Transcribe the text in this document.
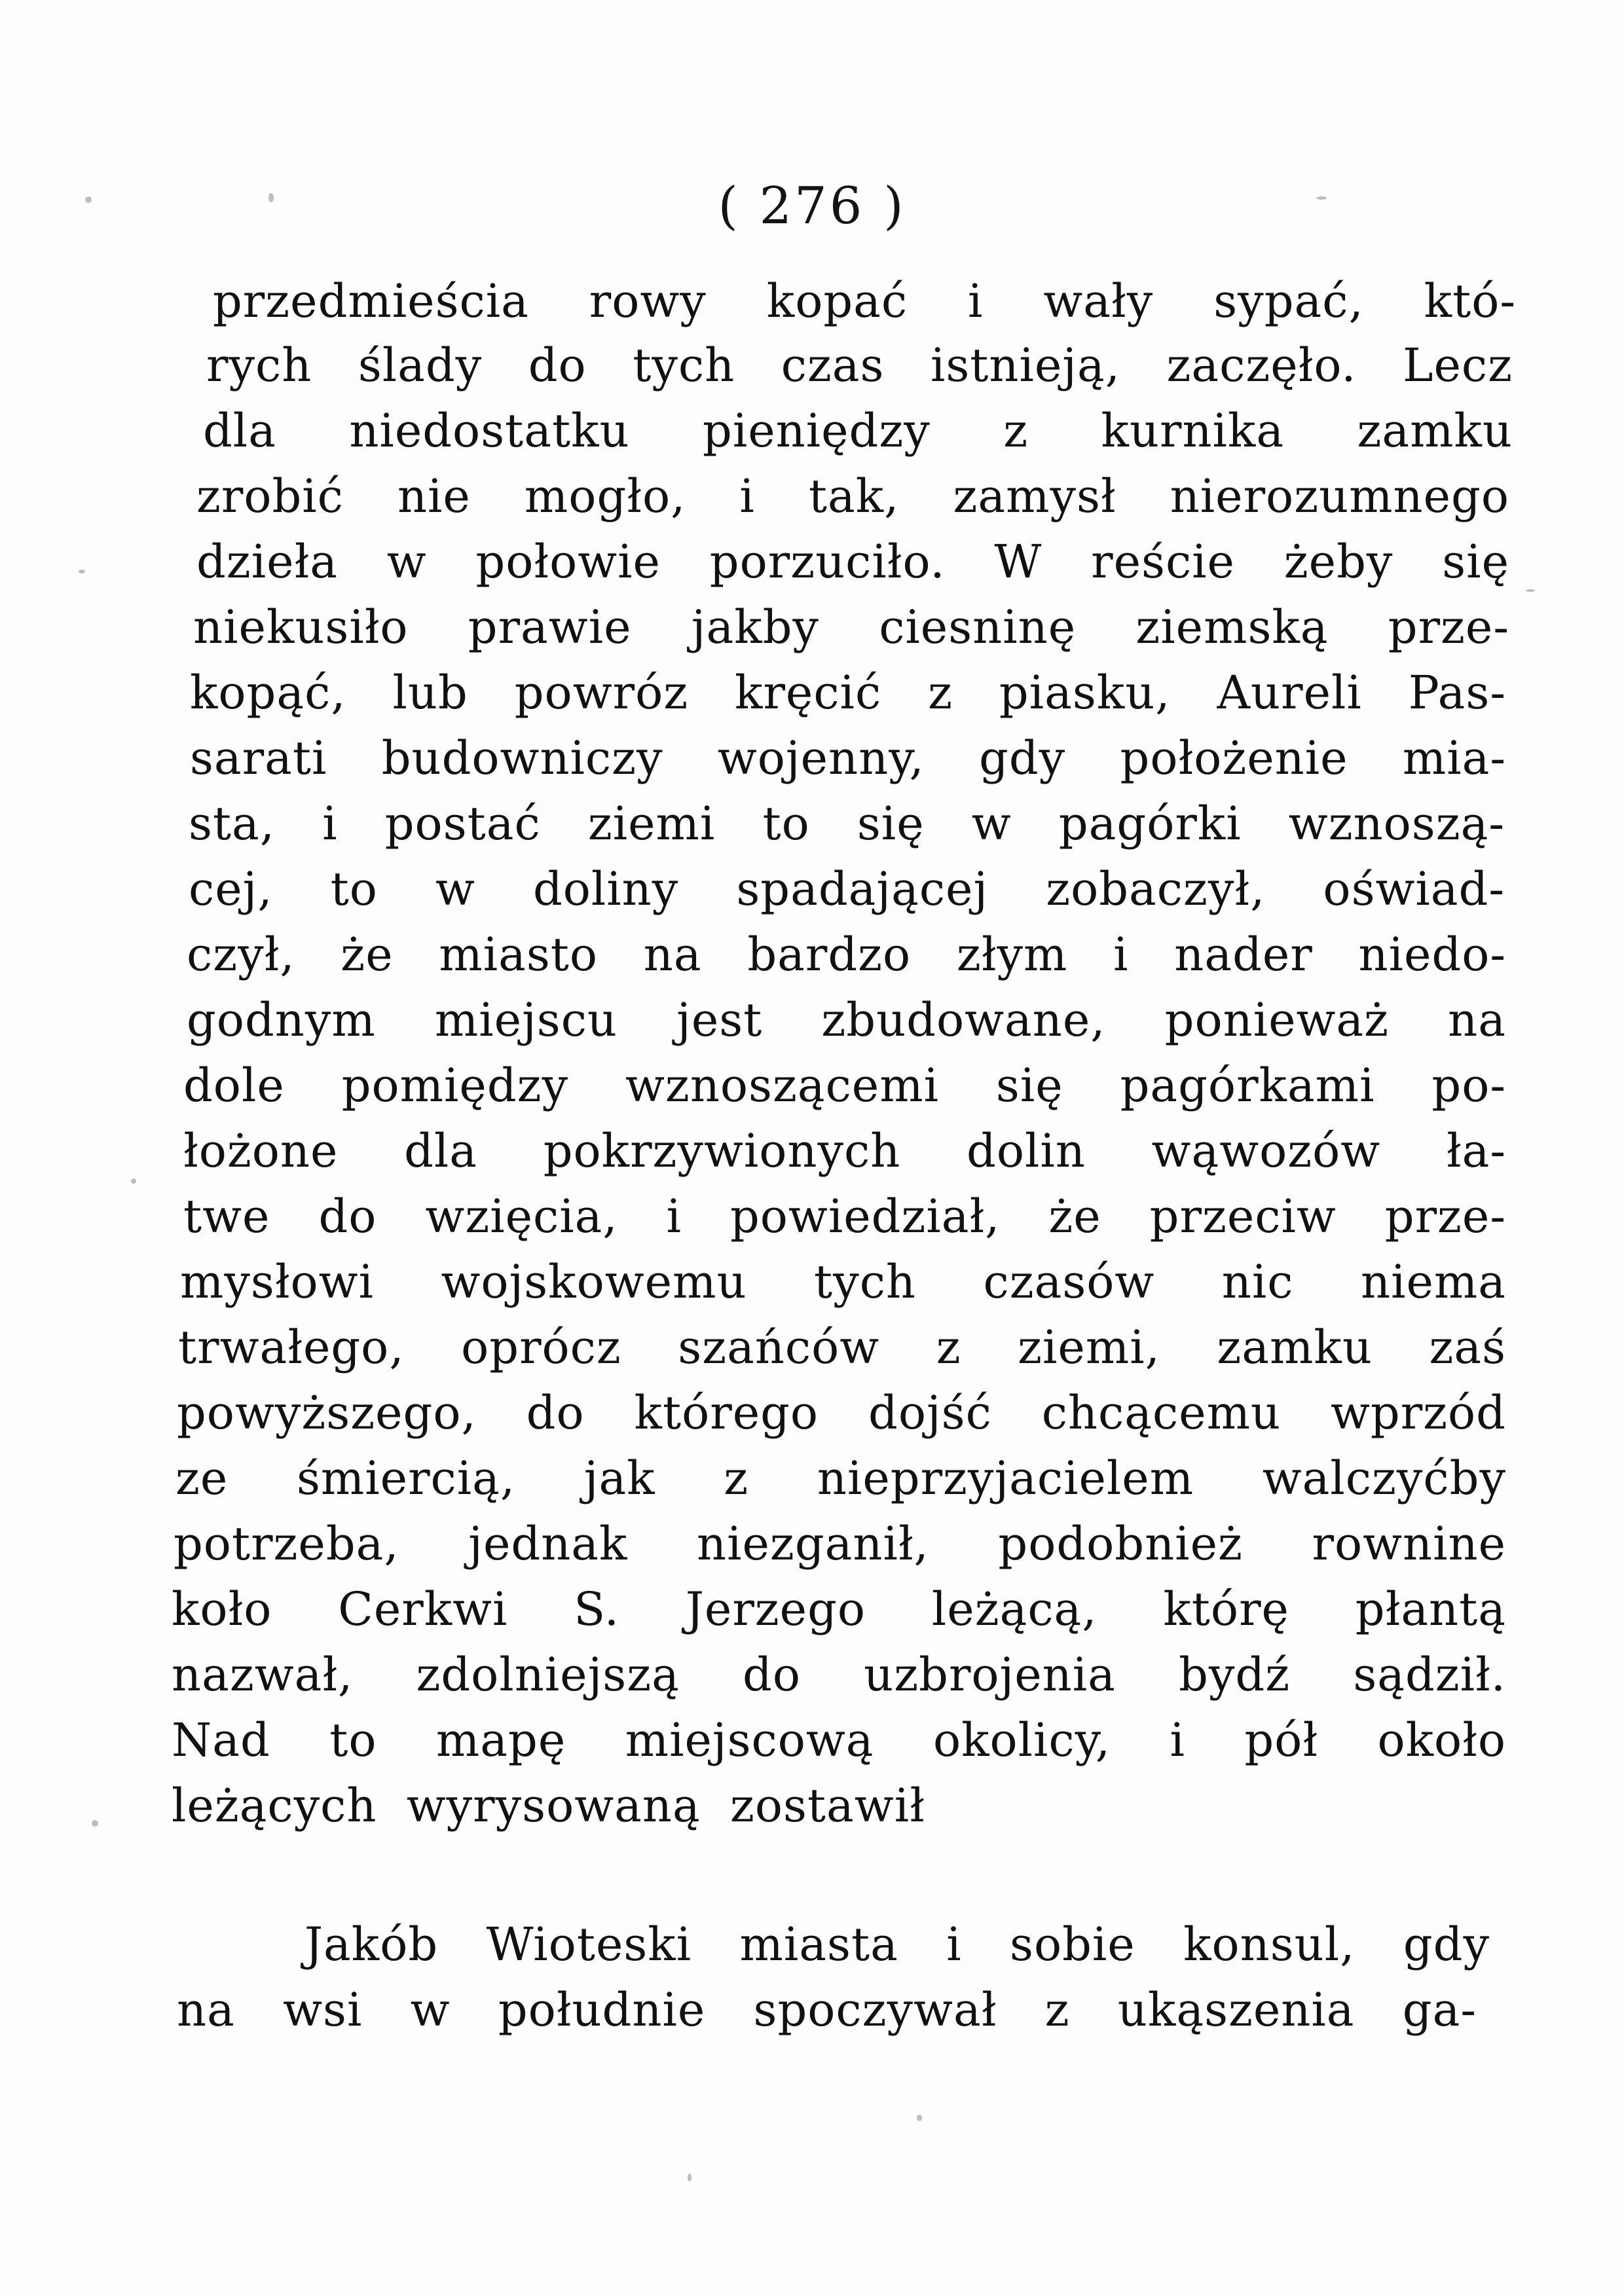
( 276 )
przedmieścia rowy kopać i wały sypać, któ-
rych ślady do tych czas istnieją, zaczęło. Lecz
dla niedostatku pieniędzy z kurnika zamku
zrobić nie mogło, i tak, zamysł nierozumnego
dzieła w połowie porzuciło. W reście żeby się
niekusiło prawie jakby ciesninę ziemską prze-
kopąć, lub powróz kręcić z piasku, Aureli Pas-
sarati budowniczy wojenny, gdy położenie mia-
sta, i postać ziemi to się w pagórki wznoszą-
cej, to w doliny spadającej zobaczył, oświad-
czył, że miasto na bardzo złym i nader niedo-
godnym miejscu jest zbudowane, ponieważ na
dole pomiędzy wznoszącemi się pagórkami po-
łożone dla pokrzywionych dolin wąwozów ła-
twe do wzięcia, i powiedział, że przeciw prze-
mysłowi wojskowemu tych czasów nic niema
trwałego, oprócz szańców z ziemi, zamku zaś
powyższego, do którego dojść chcącemu wprzód
ze śmiercią, jak z nieprzyjacielem walczyćby
potrzeba, jednak niezganił, podobnież rownine
koło Cerkwi S. Jerzego leżącą, którę płantą
nazwał, zdolniejszą do uzbrojenia bydź sądził.
Nad to mapę miejscową okolicy, i pół około
leżących wyrysowaną zostawił
Jakób Wioteski miasta i sobie konsul, gdy
na wsi w południe spoczywał z ukąszenia ga-
